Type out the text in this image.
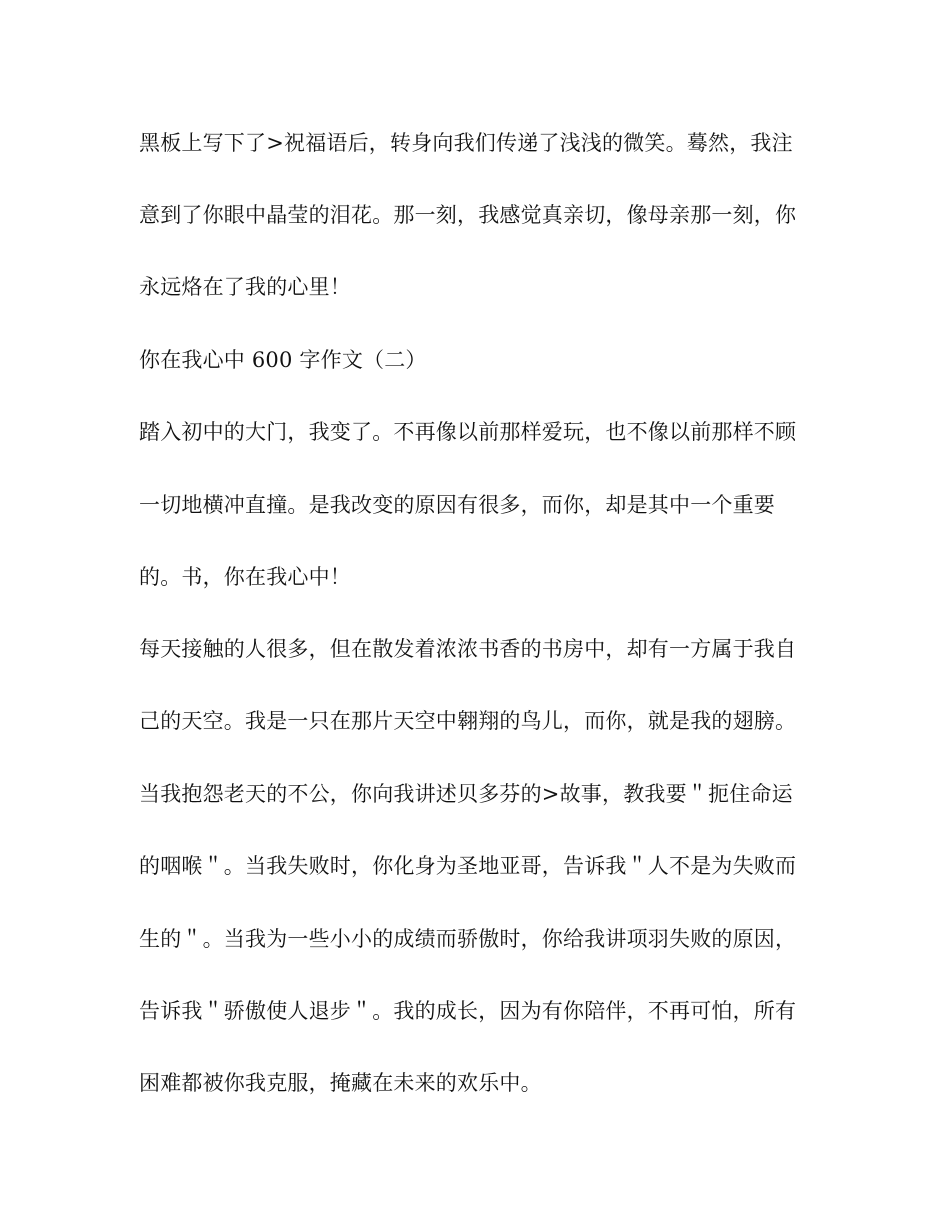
黑板上写下了>祝福语后，转身向我们传递了浅浅的微笑。蓦然，我注
意到了你眼中晶莹的泪花。那一刻，我感觉真亲切，像母亲那一刻，你
永远烙在了我的心里！
你在我心中 600 字作文（二）
踏入初中的大门，我变了。不再像以前那样爱玩，也不像以前那样不顾
一切地横冲直撞。是我改变的原因有很多，而你，却是其中一个重要
的。书，你在我心中！
每天接触的人很多，但在散发着浓浓书香的书房中，却有一方属于我自
己的天空。我是一只在那片天空中翱翔的鸟儿，而你，就是我的翅膀。
当我抱怨老天的不公，你向我讲述贝多芬的>故事，教我要＂扼住命运
的咽喉＂。当我失败时，你化身为圣地亚哥，告诉我＂人不是为失败而
生的＂。当我为一些小小的成绩而骄傲时，你给我讲项羽失败的原因，
告诉我＂骄傲使人退步＂。我的成长，因为有你陪伴，不再可怕，所有
困难都被你我克服，掩藏在未来的欢乐中。
